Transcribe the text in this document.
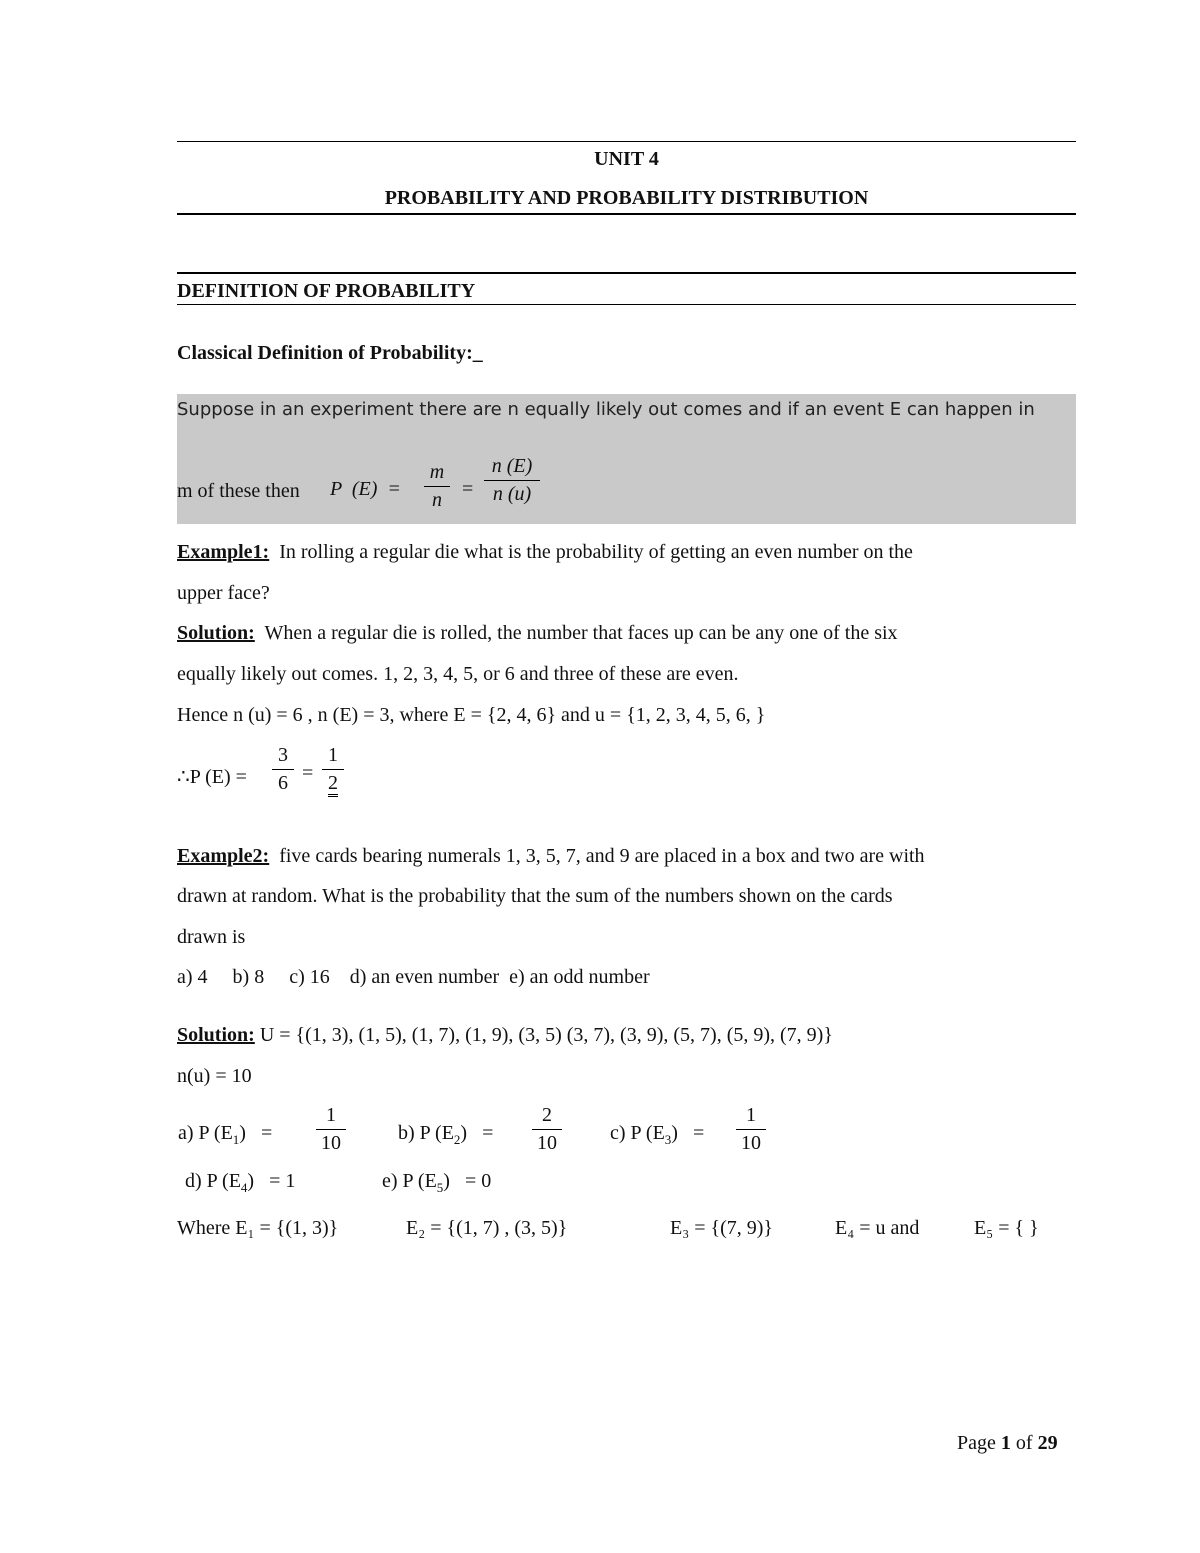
UNIT 4
PROBABILITY AND PROBABILITY DISTRIBUTION
DEFINITION OF PROBABILITY
Classical Definition of Probability:_
Suppose in an experiment there are n equally likely out comes and if an event E can happen in
m of these then P  (E)  =
m
n	=
n (E)
n (u)
Example1: In rolling a regular die what is the probability of getting an even number on the
upper face?
Solution: When a regular die is rolled, the number that faces up can be any one of the six
equally likely out comes. 1, 2, 3, 4, 5, or 6 and three of these are even.
Hence n (u) = 6 , n (E) = 3, where E = {2, 4, 6} and u = {1, 2, 3, 4, 5, 6, }
∴P (E) =
3
6 =
1
2
Example2: five cards bearing numerals 1, 3, 5, 7, and 9 are placed in a box and two are with
drawn at random. What is the probability that the sum of the numbers shown on the cards
drawn is
a) 4     b) 8     c) 16    d) an even number  e) an odd number
Solution: U = {(1, 3), (1, 5), (1, 7), (1, 9), (3, 5) (3, 7), (3, 9), (5, 7), (5, 9), (7, 9)}
n(u) = 10
a) P $(E_1)$   =
1
10	b) P $(E_2)$   =
2
10	c) P $(E_3)$   =
1
10
d) P $(E_4) = 1$	e) P $(E_5) = 0$
Where E₁ = {(1, 3)}	E₂ = {(1, 7) , (3, 5)}	E₃ = {(7, 9)}	E₄ = u and	E₅ = { }
Page 1 of 29
